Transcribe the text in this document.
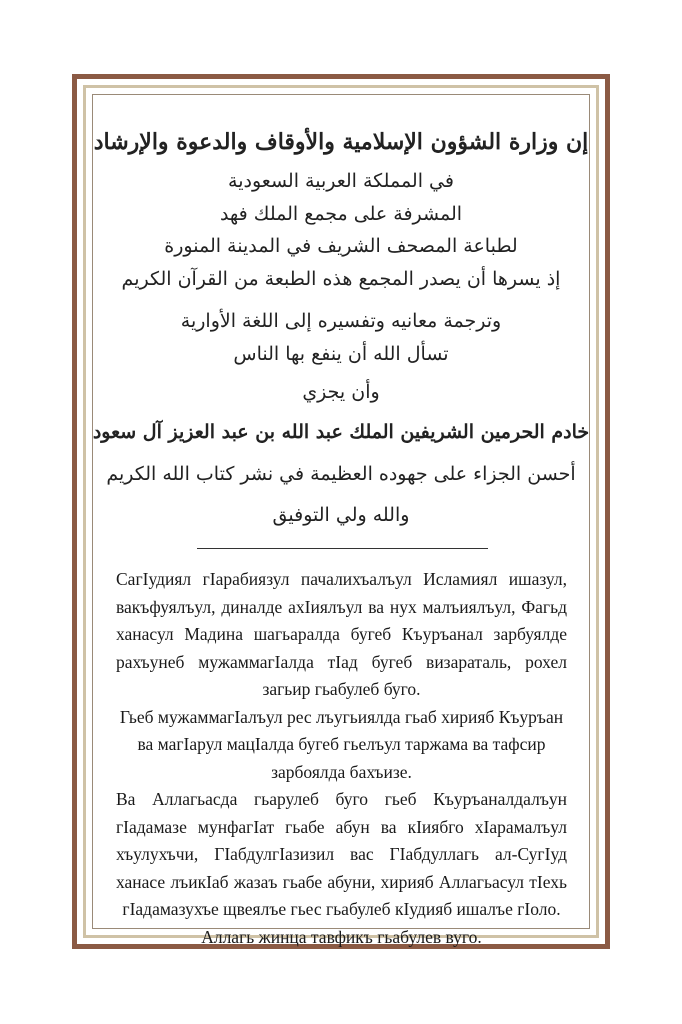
إن وزارة الشؤون الإسلامية والأوقاف والدعوة والإرشاد
في المملكة العربية السعودية
المشرفة على مجمع الملك فهد
لطباعة المصحف الشريف في المدينة المنورة
إذ يسرها أن يصدر المجمع هذه الطبعة من القرآن الكريم
وترجمة معانيه وتفسيره إلى اللغة الأوارية
تسأل الله أن ينفع بها الناس
وأن يجزي
خادم الحرمين الشريفين الملك عبد الله بن عبد العزيز آل سعود
أحسن الجزاء على جهوده العظيمة في نشر كتاب الله الكريم
والله ولي التوفيق

СагIудиял гIарабиязул пачалихъалъул Исламиял ишазул, вакъфуялъул, диналде ахIиялъул ва нух малъиялъул, Фагьд ханасул Мадина шагьаралда бугеб Къуръанал зарбуялде рахъунеб мужаммагIалда тIад бугеб визараталь, рохел загьир гьабулеб буго.

Гьеб мужаммагIалъул рес лъугьиялда гьаб хирияб Къуръан ва магIарул мацIалда бугеб гьелъул таржама ва тафсир зарбоялда бахъизе.

Ва Аллагьасда гьарулеб буго гьеб Къуръаналдалъун гIадамазе мунфагIат гьабе абун ва кIиябго хIарамалъул хъулухъчи, ГIабдулгIазизил вас ГIабдуллагь ал-СугIуд ханасе лъикIаб жазаъ гьабе абуни, хирияб Аллагьасул тIехь гIадамазухъе щвеялъе гьес гьабулеб кIудияб ишалъе гIоло.

Аллагь жинца тавфикъ гьабулев вуго.
